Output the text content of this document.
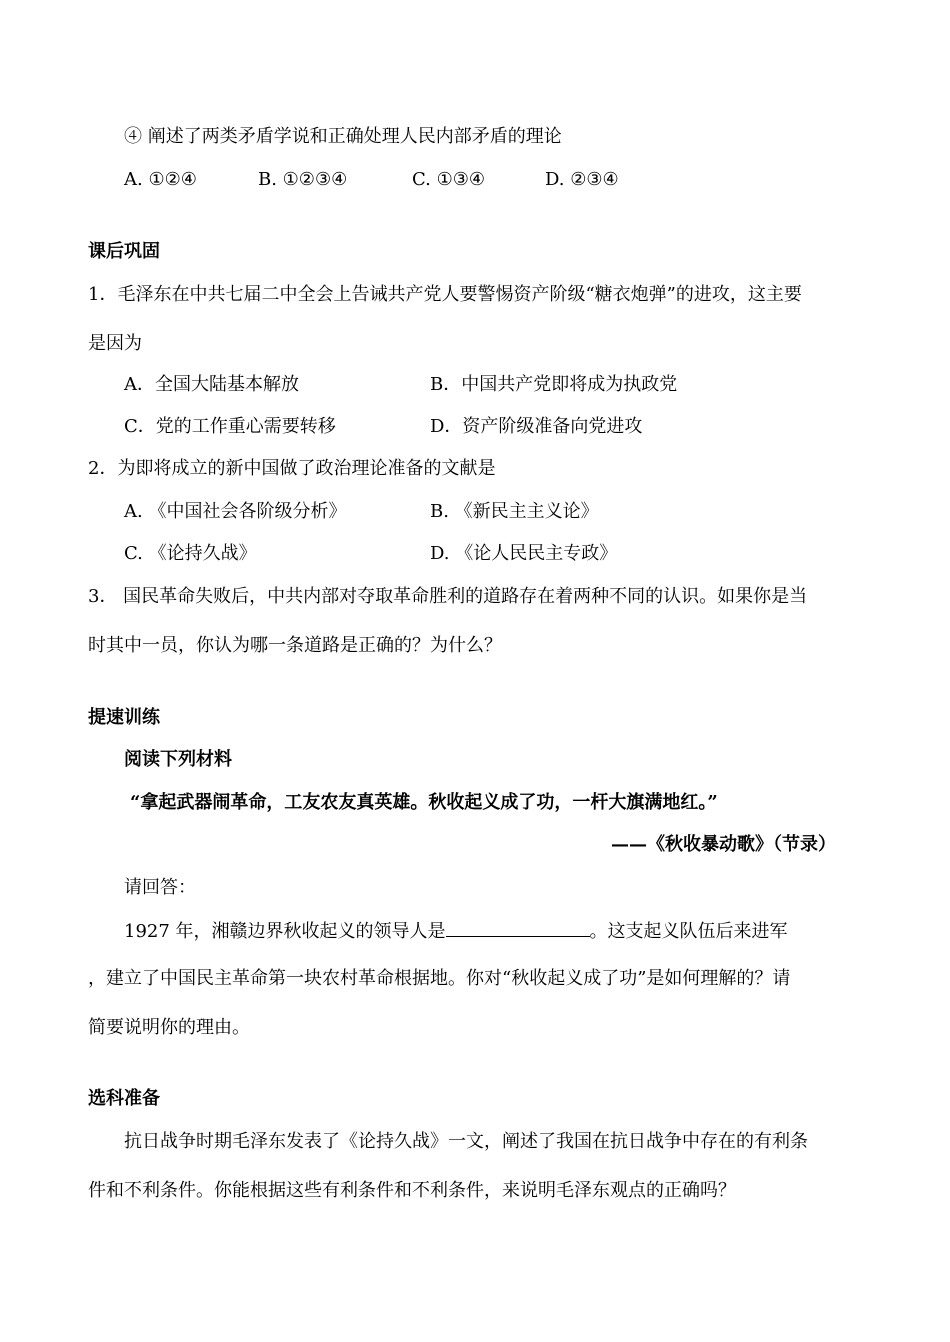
④ 阐述了两类矛盾学说和正确处理人民内部矛盾的理论
A. ①②④	B. ①②③④	C. ①③④	D. ②③④
课后巩固
1．毛泽东在中共七届二中全会上告诫共产党人要警惕资产阶级“糖衣炮弹”的进攻，这主要
是因为
A．全国大陆基本解放	B．中国共产党即将成为执政党
C．党的工作重心需要转移	D．资产阶级准备向党进攻
2．为即将成立的新中国做了政治理论准备的文献是
A. 《中国社会各阶级分析》	B. 《新民主主义论》
C. 《论持久战》	D. 《论人民民主专政》
3． 国民革命失败后，中共内部对夺取革命胜利的道路存在着两种不同的认识。如果你是当
时其中一员，你认为哪一条道路是正确的？为什么？
提速训练
阅读下列材料
“拿起武器闹革命，工友农友真英雄。秋收起义成了功，一杆大旗满地红。”
——《秋收暴动歌》（节录）
请回答：
1927 年，湘赣边界秋收起义的领导人是	。这支起义队伍后来进军
，建立了中国民主革命第一块农村革命根据地。你对“秋收起义成了功”是如何理解的？请
简要说明你的理由。
选科准备
抗日战争时期毛泽东发表了《论持久战》一文，阐述了我国在抗日战争中存在的有利条
件和不利条件。你能根据这些有利条件和不利条件，来说明毛泽东观点的正确吗？
